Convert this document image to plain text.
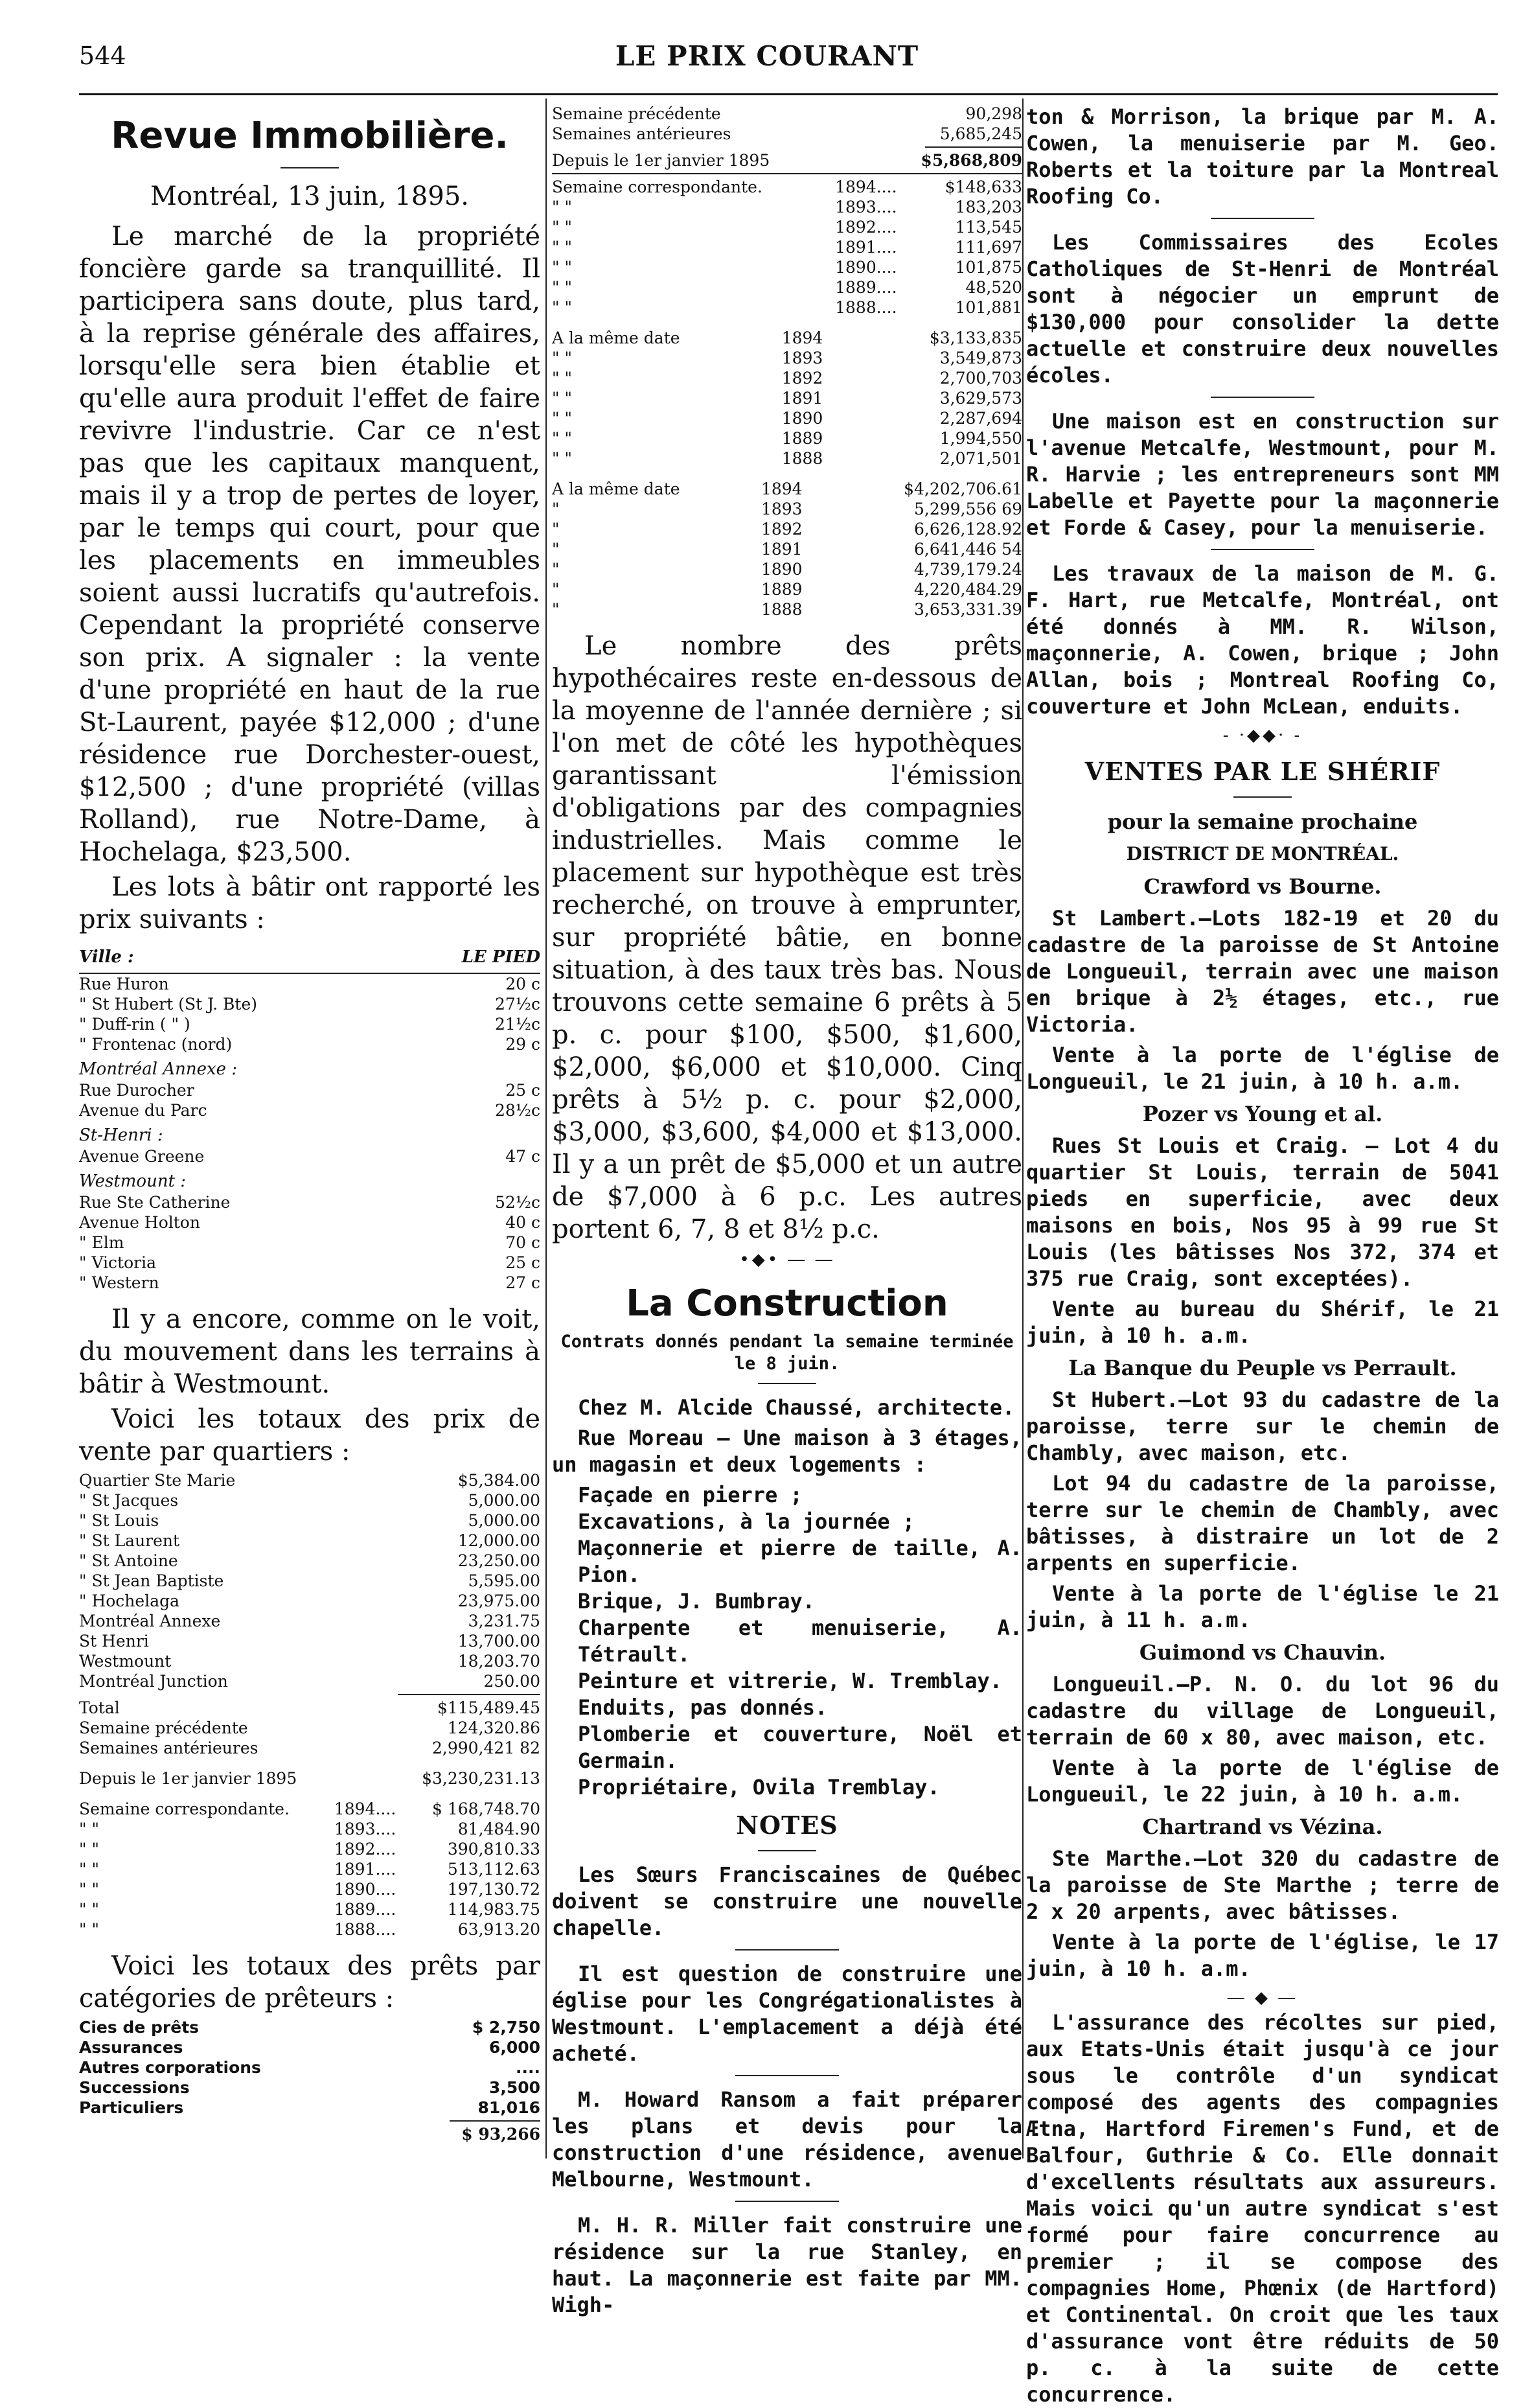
544	LE PRIX COURANT
Revue Immobilière.
Montréal, 13 juin, 1895.
Le marché de la propriété foncière garde sa tranquillité. Il participera sans doute, plus tard, à la reprise générale des affaires, lorsqu'elle sera bien établie et qu'elle aura produit l'effet de faire revivre l'industrie. Car ce n'est pas que les capitaux manquent, mais il y a trop de pertes de loyer, par le temps qui court, pour que les placements en immeubles soient aussi lucratifs qu'autrefois. Cependant la propriété conserve son prix. A signaler : la vente d'une propriété en haut de la rue St-Laurent, payée $12,000 ; d'une résidence rue Dorchester-ouest, $12,500 ; d'une propriété (villas Rolland), rue Notre-Dame, à Hochelaga, $23,500.
Les lots à bâtir ont rapporté les prix suivants :
Ville :	LE PIED
Rue Huron	20 c
" St Hubert (St J. Bte)	27½c
" Duff-rin ( " )	21½c
" Frontenac (nord)	29 c
Montréal Annexe :
Rue Durocher	25 c
Avenue du Parc	28½c
St-Henri :
Avenue Greene	47 c
Westmount :
Rue Ste Catherine	52½c
Avenue Holton	40 c
" Elm	70 c
" Victoria	25 c
" Western	27 c
Il y a encore, comme on le voit, du mouvement dans les terrains à bâtir à Westmount.
Voici les totaux des prix de vente par quartiers :
Quartier Ste Marie	$5,384.00
" St Jacques	5,000.00
" St Louis	5,000.00
" St Laurent	12,000.00
" St Antoine	23,250.00
" St Jean Baptiste	5,595.00
" Hochelaga	23,975.00
Montréal Annexe	3,231.75
St Henri	13,700.00
Westmount	18,203.70
Montréal Junction	250.00
Total	$115,489.45
Semaine précédente	124,320.86
Semaines antérieures	2,990,421 82
Depuis le 1er janvier 1895	$3,230,231.13
Semaine correspondante.	1894....	$ 168,748.70
" "	1893....	81,484.90
" "	1892....	390,810.33
" "	1891....	513,112.63
" "	1890....	197,130.72
" "	1889....	114,983.75
" "	1888....	63,913.20
Voici les totaux des prêts par catégories de prêteurs :
Cies de prêts	$ 2,750
Assurances	6,000
Autres corporations	....
Successions	3,500
Particuliers	81,016
	$ 93,266
Semaine précédente	90,298
Semaines antérieures	5,685,245
Depuis le 1er janvier 1895	$5,868,809
Semaine correspondante.	1894....	$148,633
" "	1893....	183,203
" "	1892....	113,545
" "	1891....	111,697
" "	1890....	101,875
" "	1889....	48,520
" "	1888....	101,881
A la même date	1894	$3,133,835
" "	1893	3,549,873
" "	1892	2,700,703
" "	1891	3,629,573
" "	1890	2,287,694
" "	1889	1,994,550
" "	1888	2,071,501
A la même date	1894	$4,202,706.61
"	1893	5,299,556 69
"	1892	6,626,128.92
"	1891	6,641,446 54
"	1890	4,739,179.24
"	1889	4,220,484.29
"	1888	3,653,331.39
Le nombre des prêts hypothécaires reste en-dessous de la moyenne de l'année dernière ; si l'on met de côté les hypothèques garantissant l'émission d'obligations par des compagnies industrielles. Mais comme le placement sur hypothèque est très recherché, on trouve à emprunter, sur propriété bâtie, en bonne situation, à des taux très bas. Nous trouvons cette semaine 6 prêts à 5 p. c. pour $100, $500, $1,600, $2,000, $6,000 et $10,000. Cinq prêts à 5½ p. c. pour $2,000, $3,000, $3,600, $4,000 et $13,000. Il y a un prêt de $5,000 et un autre de $7,000 à 6 p.c. Les autres portent 6, 7, 8 et 8½ p.c.
•◆• ― ―
La Construction
Contrats donnés pendant la semaine terminée le 8 juin.
Chez M. Alcide Chaussé, architecte.
Rue Moreau — Une maison à 3 étages, un magasin et deux logements :
Façade en pierre ;
Excavations, à la journée ;
Maçonnerie et pierre de taille, A. Pion.
Brique, J. Bumbray.
Charpente et menuiserie, A. Tétrault.
Peinture et vitrerie, W. Tremblay.
Enduits, pas donnés.
Plomberie et couverture, Noël et Germain.
Propriétaire, Ovila Tremblay.
NOTES
Les Sœurs Franciscaines de Québec doivent se construire une nouvelle chapelle.
Il est question de construire une église pour les Congrégationalistes à Westmount. L'emplacement a déjà été acheté.
M. Howard Ransom a fait préparer les plans et devis pour la construction d'une résidence, avenue Melbourne, Westmount.
M. H. R. Miller fait construire une résidence sur la rue Stanley, en haut. La maçonnerie est faite par MM. Wigh-
ton & Morrison, la brique par M. A. Cowen, la menuiserie par M. Geo. Roberts et la toiture par la Montreal Roofing Co.
Les Commissaires des Ecoles Catholiques de St-Henri de Montréal sont à négocier un emprunt de $130,000 pour consolider la dette actuelle et construire deux nouvelles écoles.
Une maison est en construction sur l'avenue Metcalfe, Westmount, pour M. R. Harvie ; les entrepreneurs sont MM Labelle et Payette pour la maçonnerie et Forde & Casey, pour la menuiserie.
Les travaux de la maison de M. G. F. Hart, rue Metcalfe, Montréal, ont été donnés à MM. R. Wilson, maçonnerie, A. Cowen, brique ; John Allan, bois ; Montreal Roofing Co, couverture et John McLean, enduits.
- ·◆◆· -
VENTES PAR LE SHÉRIF
pour la semaine prochaine
DISTRICT DE MONTRÉAL.
Crawford vs Bourne.
St Lambert.—Lots 182-19 et 20 du cadastre de la paroisse de St Antoine de Longueuil, terrain avec une maison en brique à 2½ étages, etc., rue Victoria.
Vente à la porte de l'église de Longueuil, le 21 juin, à 10 h. a.m.
Pozer vs Young et al.
Rues St Louis et Craig. — Lot 4 du quartier St Louis, terrain de 5041 pieds en superficie, avec deux maisons en bois, Nos 95 à 99 rue St Louis (les bâtisses Nos 372, 374 et 375 rue Craig, sont exceptées).
Vente au bureau du Shérif, le 21 juin, à 10 h. a.m.
La Banque du Peuple vs Perrault.
St Hubert.—Lot 93 du cadastre de la paroisse, terre sur le chemin de Chambly, avec maison, etc.
Lot 94 du cadastre de la paroisse, terre sur le chemin de Chambly, avec bâtisses, à distraire un lot de 2 arpents en superficie.
Vente à la porte de l'église le 21 juin, à 11 h. a.m.
Guimond vs Chauvin.
Longueuil.—P. N. O. du lot 96 du cadastre du village de Longueuil, terrain de 60 x 80, avec maison, etc.
Vente à la porte de l'église de Longueuil, le 22 juin, à 10 h. a.m.
Chartrand vs Vézina.
Ste Marthe.—Lot 320 du cadastre de la paroisse de Ste Marthe ; terre de 2 x 20 arpents, avec bâtisses.
Vente à la porte de l'église, le 17 juin, à 10 h. a.m.
― ◆ ―
L'assurance des récoltes sur pied, aux Etats-Unis était jusqu'à ce jour sous le contrôle d'un syndicat composé des agents des compagnies Ætna, Hartford Firemen's Fund, et de Balfour, Guthrie & Co. Elle donnait d'excellents résultats aux assureurs. Mais voici qu'un autre syndicat s'est formé pour faire concurrence au premier ; il se compose des compagnies Home, Phœnix (de Hartford) et Continental. On croit que les taux d'assurance vont être réduits de 50 p. c. à la suite de cette concurrence.
